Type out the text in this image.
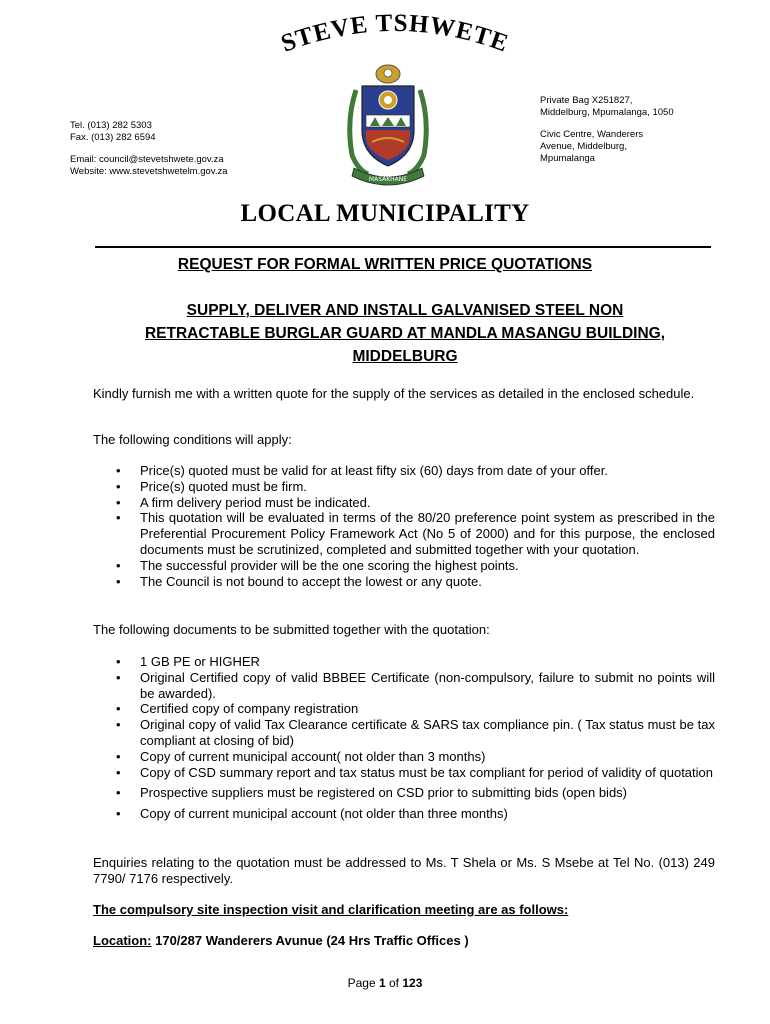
STEVE TSHWETE
MASAKHANE
Tel. (013) 282 5303
Fax. (013) 282 6594
Email: council@stevetshwete.gov.za
Website: www.stevetshwetelm.gov.za
Private Bag X251827,
Middelburg, Mpumalanga, 1050
Civic Centre, Wanderers
Avenue, Middelburg,
Mpumalanga
LOCAL MUNICIPALITY
REQUEST FOR FORMAL WRITTEN PRICE QUOTATIONS
SUPPLY, DELIVER AND INSTALL GALVANISED STEEL NON
RETRACTABLE BURGLAR GUARD AT MANDLA MASANGU BUILDING,
MIDDELBURG
Kindly furnish me with a written quote for the supply of the services as detailed in the enclosed schedule.
The following conditions will apply:
• Price(s) quoted must be valid for at least fifty six (60) days from date of your offer.
• Price(s) quoted must be firm.
• A firm delivery period must be indicated.
• This quotation will be evaluated in terms of the 80/20 preference point system as prescribed in the Preferential Procurement Policy Framework Act (No 5 of 2000) and for this purpose, the enclosed documents must be scrutinized, completed and submitted together with your quotation.
• The successful provider will be the one scoring the highest points.
• The Council is not bound to accept the lowest or any quote.
The following documents to be submitted together with the quotation:
• 1 GB PE or HIGHER
• Original Certified copy of valid BBBEE Certificate (non-compulsory, failure to submit no points will be awarded).
• Certified copy of company registration
• Original copy of valid Tax Clearance certificate & SARS tax compliance pin. ( Tax status must be tax compliant at closing of bid)
• Copy of current municipal account( not older than 3 months)
• Copy of CSD summary report and tax status must be tax compliant for period of validity of quotation
• Prospective suppliers must be registered on CSD prior to submitting bids (open bids)
• Copy of current municipal account (not older than three months)
Enquiries relating to the quotation must be addressed to Ms. T Shela or Ms. S Msebe at Tel No. (013) 249 7790/ 7176 respectively.
The compulsory site inspection visit and clarification meeting are as follows:
Location: 170/287 Wanderers Avunue (24 Hrs Traffic Offices )
Page 1 of 123
